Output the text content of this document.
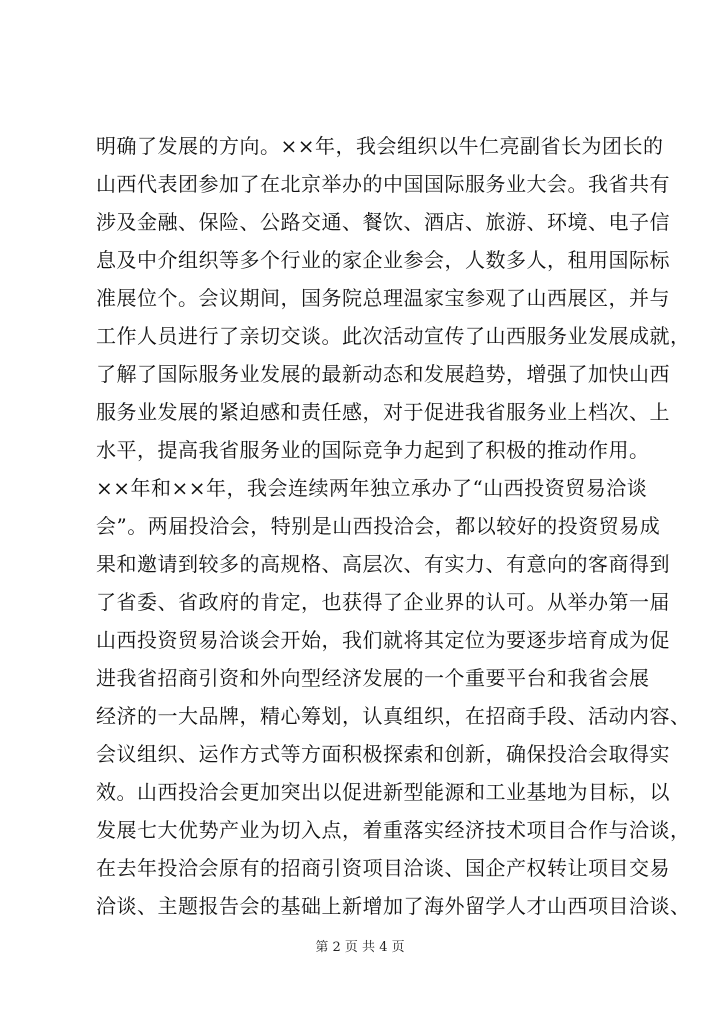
明确了发展的方向。××年，我会组织以牛仁亮副省长为团长的
山西代表团参加了在北京举办的中国国际服务业大会。我省共有
涉及金融、保险、公路交通、餐饮、酒店、旅游、环境、电子信
息及中介组织等多个行业的家企业参会，人数多人，租用国际标
准展位个。会议期间，国务院总理温家宝参观了山西展区，并与
工作人员进行了亲切交谈。此次活动宣传了山西服务业发展成就，
了解了国际服务业发展的最新动态和发展趋势，增强了加快山西
服务业发展的紧迫感和责任感，对于促进我省服务业上档次、上
水平，提高我省服务业的国际竞争力起到了积极的推动作用。
××年和××年，我会连续两年独立承办了“山西投资贸易洽谈
会”。两届投洽会，特别是山西投洽会，都以较好的投资贸易成
果和邀请到较多的高规格、高层次、有实力、有意向的客商得到
了省委、省政府的肯定，也获得了企业界的认可。从举办第一届
山西投资贸易洽谈会开始，我们就将其定位为要逐步培育成为促
进我省招商引资和外向型经济发展的一个重要平台和我省会展
经济的一大品牌，精心筹划，认真组织，在招商手段、活动内容、
会议组织、运作方式等方面积极探索和创新，确保投洽会取得实
效。山西投洽会更加突出以促进新型能源和工业基地为目标，以
发展七大优势产业为切入点，着重落实经济技术项目合作与洽谈，
在去年投洽会原有的招商引资项目洽谈、国企产权转让项目交易
洽谈、主题报告会的基础上新增加了海外留学人才山西项目洽谈、
第 2 页 共 4 页
